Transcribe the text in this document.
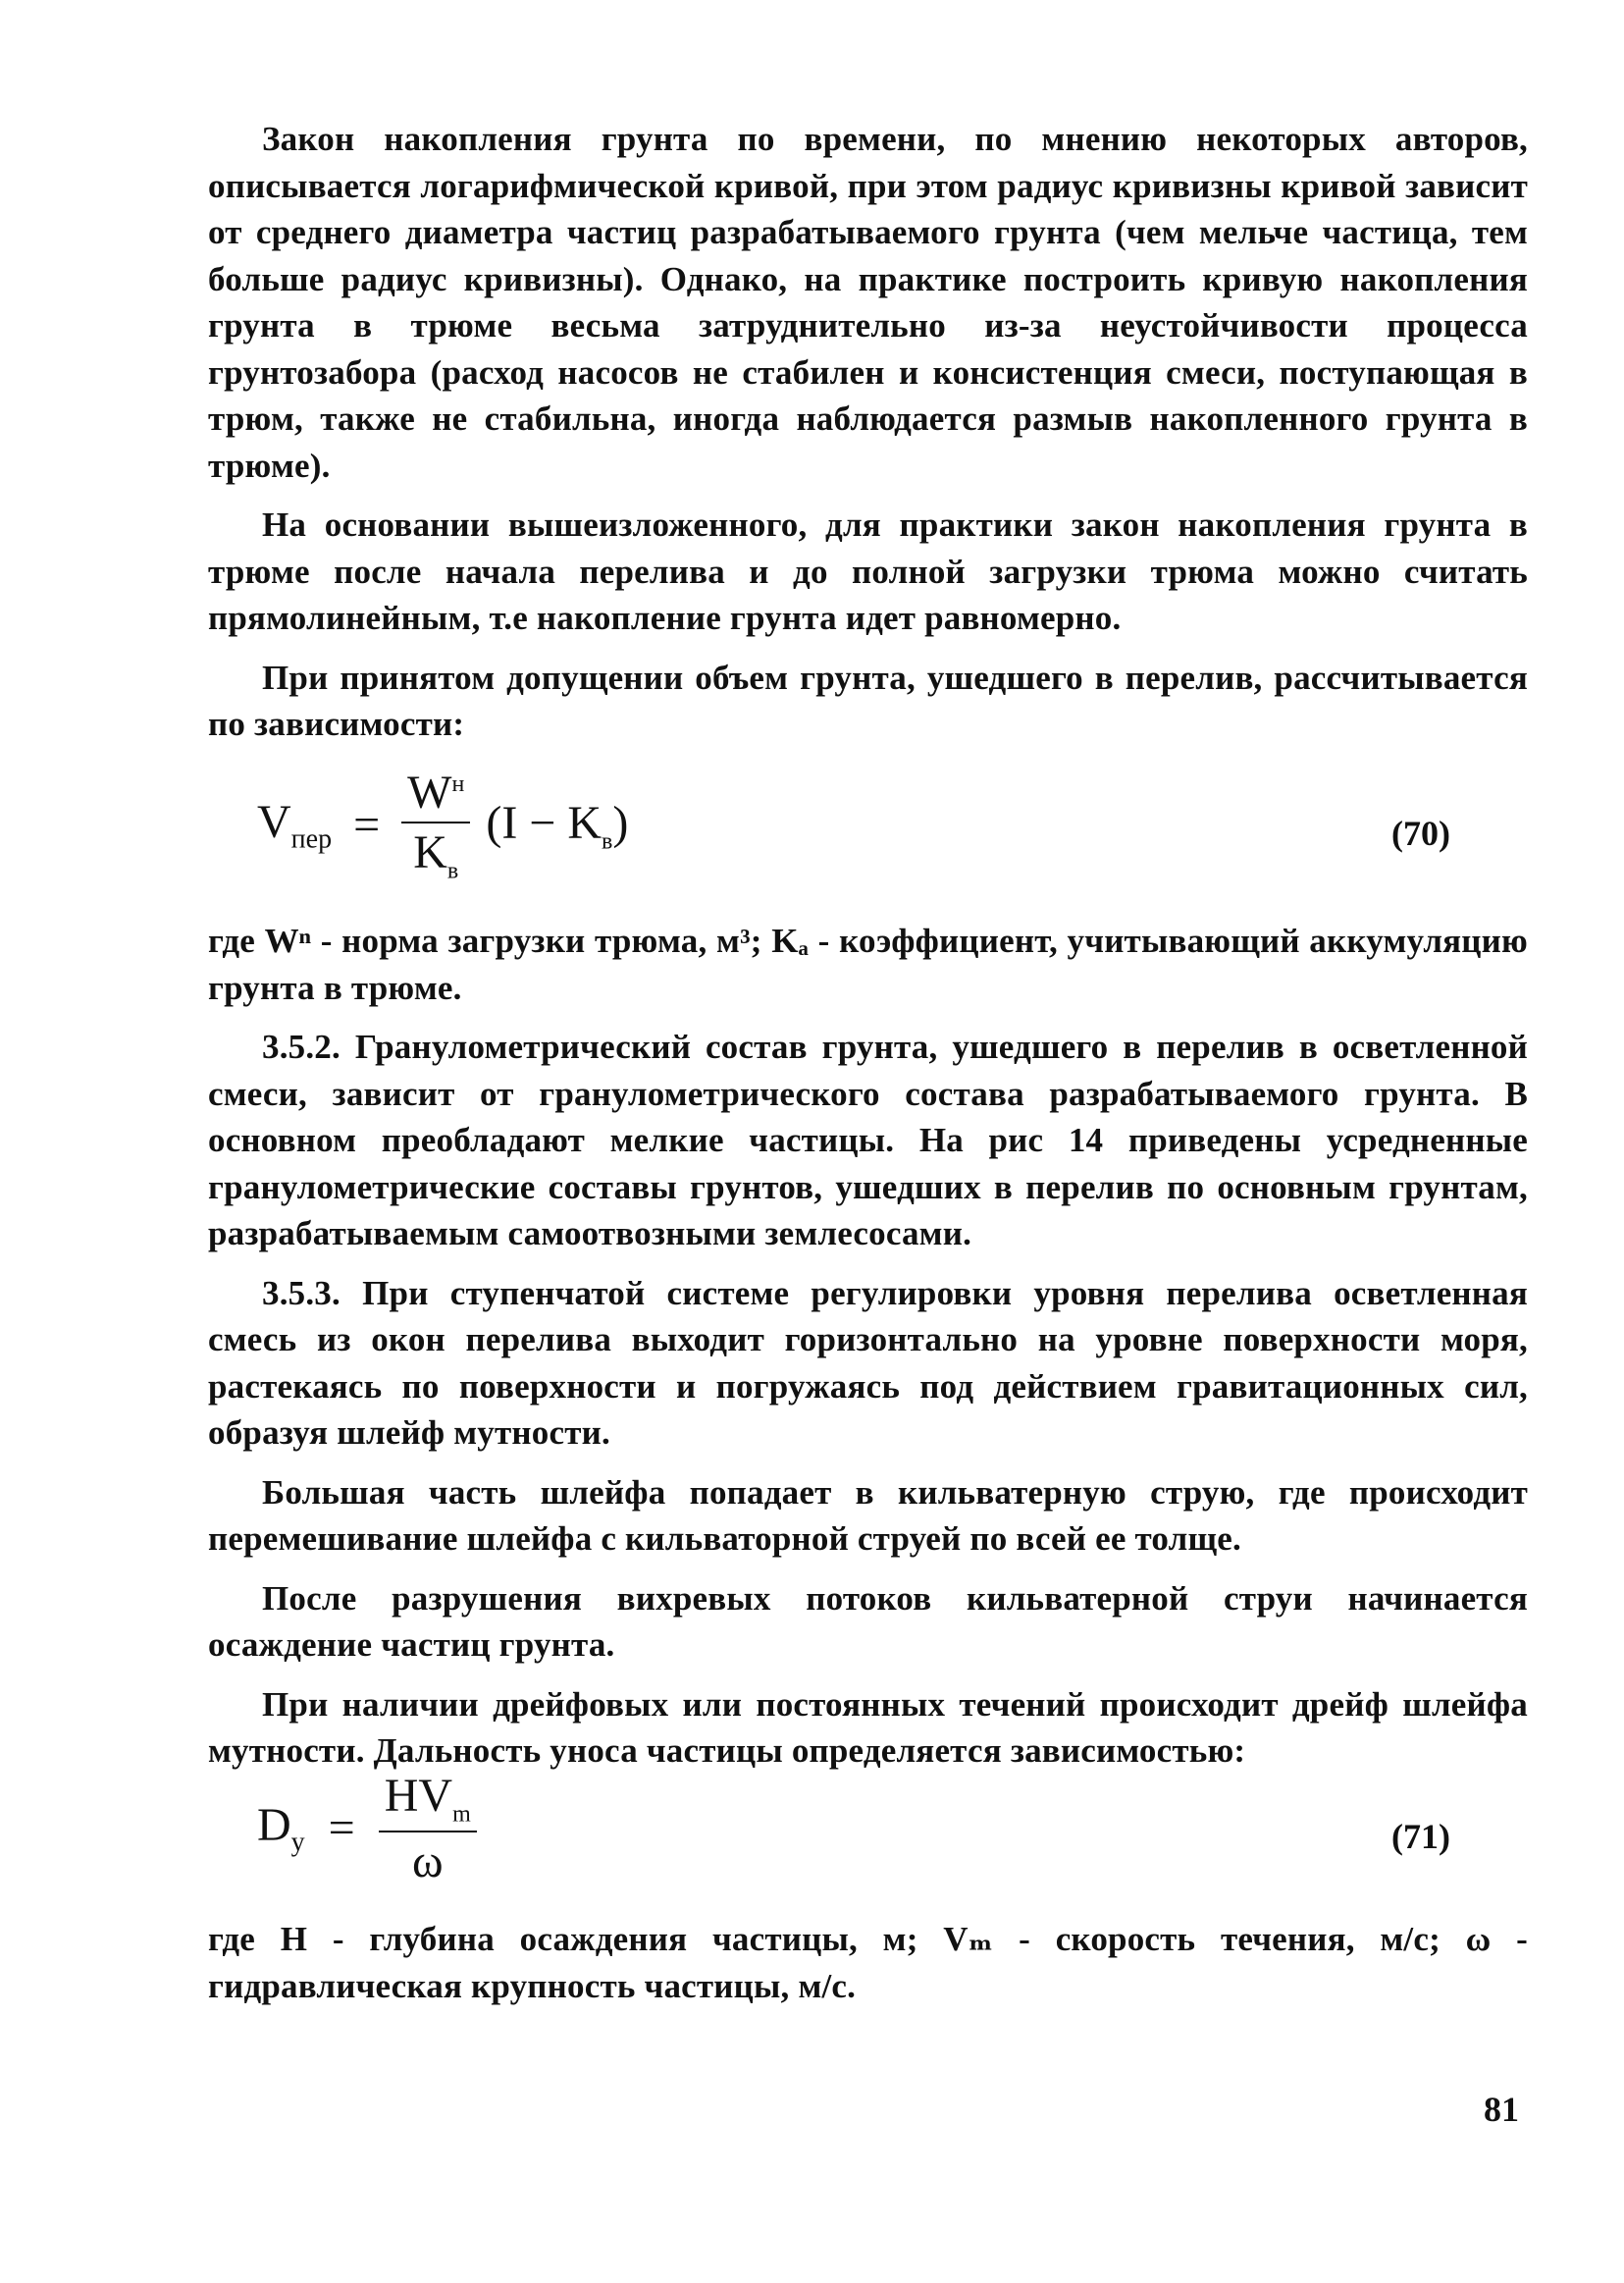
Закон накопления грунта по времени, по мнению некоторых авторов, описывается логарифмической кривой, при этом радиус кривизны кривой зависит от среднего диаметра частиц разрабатываемого грунта (чем мельче частица, тем больше радиус кривизны). Однако, на практике построить кривую накопления грунта в трюме весьма затруднительно из-за неустойчивости процесса грунтозабора (расход насосов не стабилен и консистенция смеси, поступающая в трюм, также не стабильна, иногда наблюдается размыв накопленного грунта в трюме).

На основании вышеизложенного, для практики закон накопления грунта в трюме после начала перелива и до полной загрузки трюма можно считать прямолинейным, т.е накопление грунта идет равномерно.

При принятом допущении объем грунта, ушедшего в перелив, рассчитывается по зависимости:

$V_{пер} = \frac{W^н}{K_в} (I - K_в)$	(70)

где Wⁿ - норма загрузки трюма, м³; Kₐ - коэффициент, учитывающий аккумуляцию грунта в трюме.

3.5.2. Гранулометрический состав грунта, ушедшего в перелив в осветленной смеси, зависит от гранулометрического состава разрабатываемого грунта. В основном преобладают мелкие частицы. На рис 14 приведены усредненные гранулометрические составы грунтов, ушедших в перелив по основным грунтам, разрабатываемым самоотвозными землесосами.

3.5.3. При ступенчатой системе регулировки уровня перелива осветленная смесь из окон перелива выходит горизонтально на уровне поверхности моря, растекаясь по поверхности и погружаясь под действием гравитационных сил, образуя шлейф мутности.

Большая часть шлейфа попадает в кильватерную струю, где происходит перемешивание шлейфа с кильваторной струей по всей ее толще.

После разрушения вихревых потоков кильватерной струи начинается осаждение частиц грунта.

При наличии дрейфовых или постоянных течений происходит дрейф шлейфа мутности. Дальность уноса частицы определяется зависимостью:

$D_у = \frac{HV_m}{\omega}$	(71)

где H - глубина осаждения частицы, м; Vₘ - скорость течения, м/с; ω - гидравлическая крупность частицы, м/с.

81
